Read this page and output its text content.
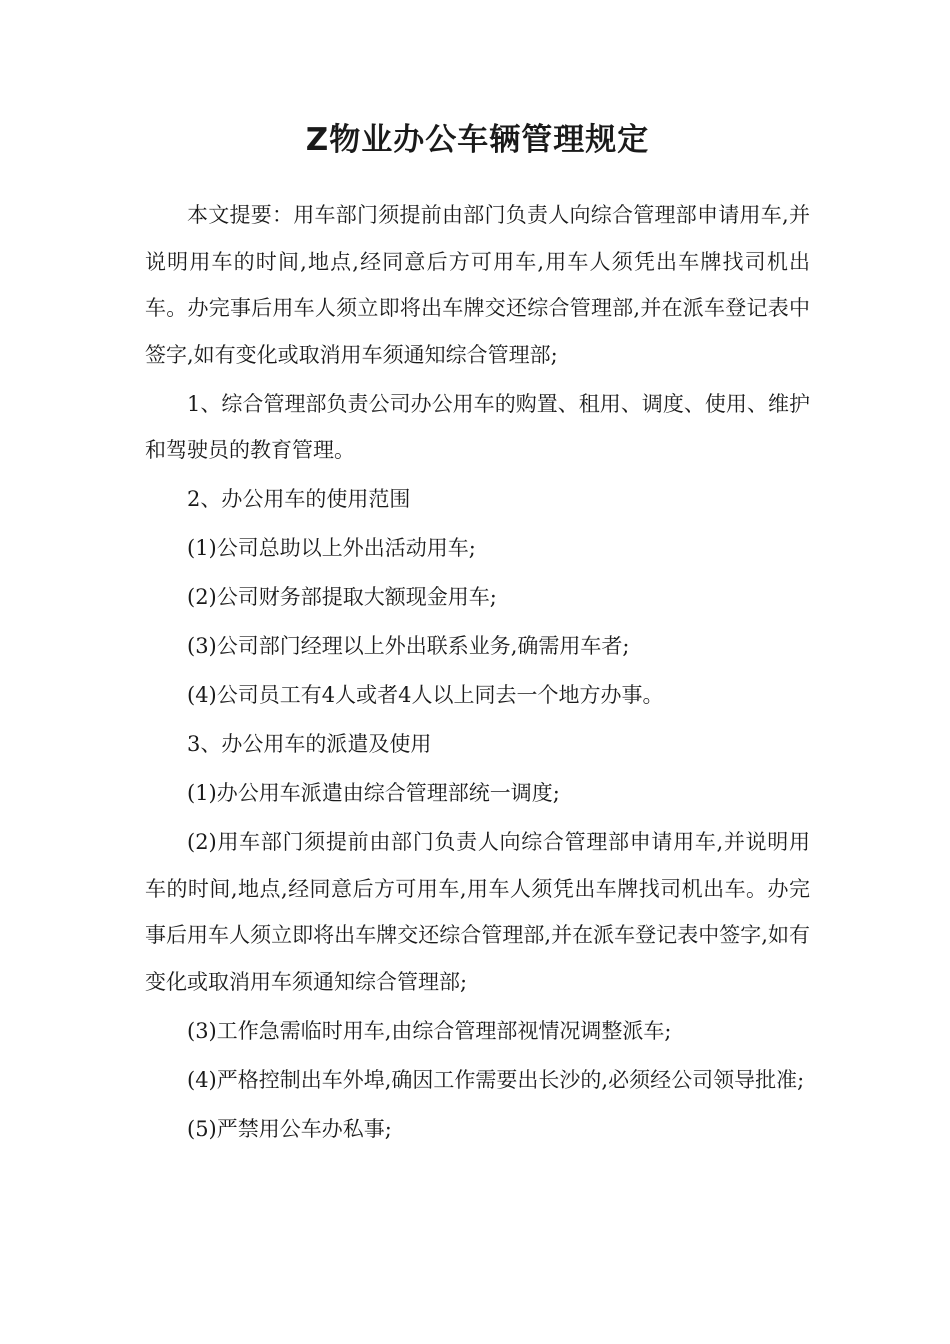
Z物业办公车辆管理规定

本文提要：用车部门须提前由部门负责人向综合管理部申请用车,并说明用车的时间,地点,经同意后方可用车,用车人须凭出车牌找司机出车。办完事后用车人须立即将出车牌交还综合管理部,并在派车登记表中签字,如有变化或取消用车须通知综合管理部;

1、综合管理部负责公司办公用车的购置、租用、调度、使用、维护和驾驶员的教育管理。

2、办公用车的使用范围

(1)公司总助以上外出活动用车;

(2)公司财务部提取大额现金用车;

(3)公司部门经理以上外出联系业务,确需用车者;

(4)公司员工有4人或者4人以上同去一个地方办事。

3、办公用车的派遣及使用

(1)办公用车派遣由综合管理部统一调度;

(2)用车部门须提前由部门负责人向综合管理部申请用车,并说明用车的时间,地点,经同意后方可用车,用车人须凭出车牌找司机出车。办完事后用车人须立即将出车牌交还综合管理部,并在派车登记表中签字,如有变化或取消用车须通知综合管理部;

(3)工作急需临时用车,由综合管理部视情况调整派车;

(4)严格控制出车外埠,确因工作需要出长沙的,必须经公司领导批准;

(5)严禁用公车办私事;
